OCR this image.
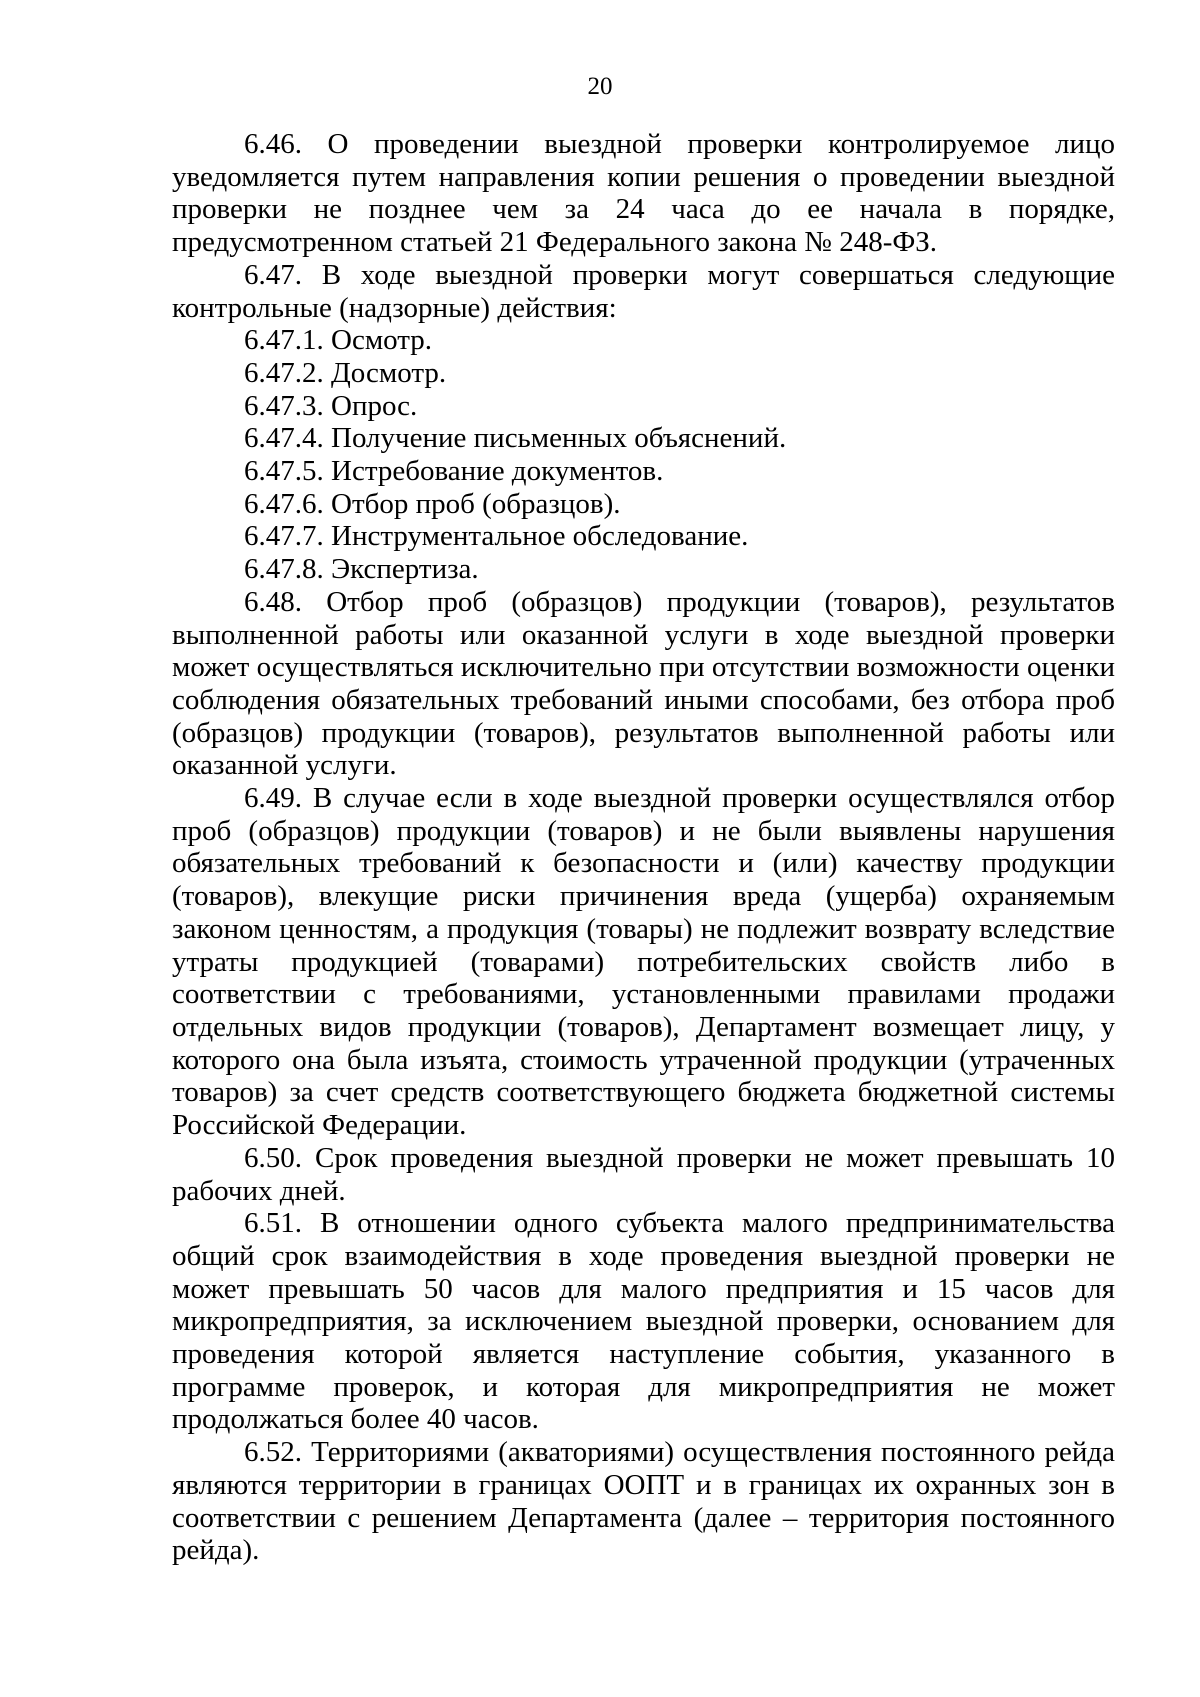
20

6.46. О проведении выездной проверки контролируемое лицо уведомляется путем направления копии решения о проведении выездной проверки не позднее чем за 24 часа до ее начала в порядке, предусмотренном статьей 21 Федерального закона № 248-ФЗ.

6.47. В ходе выездной проверки могут совершаться следующие контрольные (надзорные) действия:

6.47.1. Осмотр.

6.47.2. Досмотр.

6.47.3. Опрос.

6.47.4. Получение письменных объяснений.

6.47.5. Истребование документов.

6.47.6. Отбор проб (образцов).

6.47.7. Инструментальное обследование.

6.47.8. Экспертиза.

6.48. Отбор проб (образцов) продукции (товаров), результатов выполненной работы или оказанной услуги в ходе выездной проверки может осуществляться исключительно при отсутствии возможности оценки соблюдения обязательных требований иными способами, без отбора проб (образцов) продукции (товаров), результатов выполненной работы или оказанной услуги.

6.49. В случае если в ходе выездной проверки осуществлялся отбор проб (образцов) продукции (товаров) и не были выявлены нарушения обязательных требований к безопасности и (или) качеству продукции (товаров), влекущие риски причинения вреда (ущерба) охраняемым законом ценностям, а продукция (товары) не подлежит возврату вследствие утраты продукцией (товарами) потребительских свойств либо в соответствии с требованиями, установленными правилами продажи отдельных видов продукции (товаров), Департамент возмещает лицу, у которого она была изъята, стоимость утраченной продукции (утраченных товаров) за счет средств соответствующего бюджета бюджетной системы Российской Федерации.

6.50. Срок проведения выездной проверки не может превышать 10 рабочих дней.

6.51. В отношении одного субъекта малого предпринимательства общий срок взаимодействия в ходе проведения выездной проверки не может превышать 50 часов для малого предприятия и 15 часов для микропредприятия, за исключением выездной проверки, основанием для проведения которой является наступление события, указанного в программе проверок, и которая для микропредприятия не может продолжаться более 40 часов.

6.52. Территориями (акваториями) осуществления постоянного рейда являются территории в границах ООПТ и в границах их охранных зон в соответствии с решением Департамента (далее – территория постоянного рейда).
